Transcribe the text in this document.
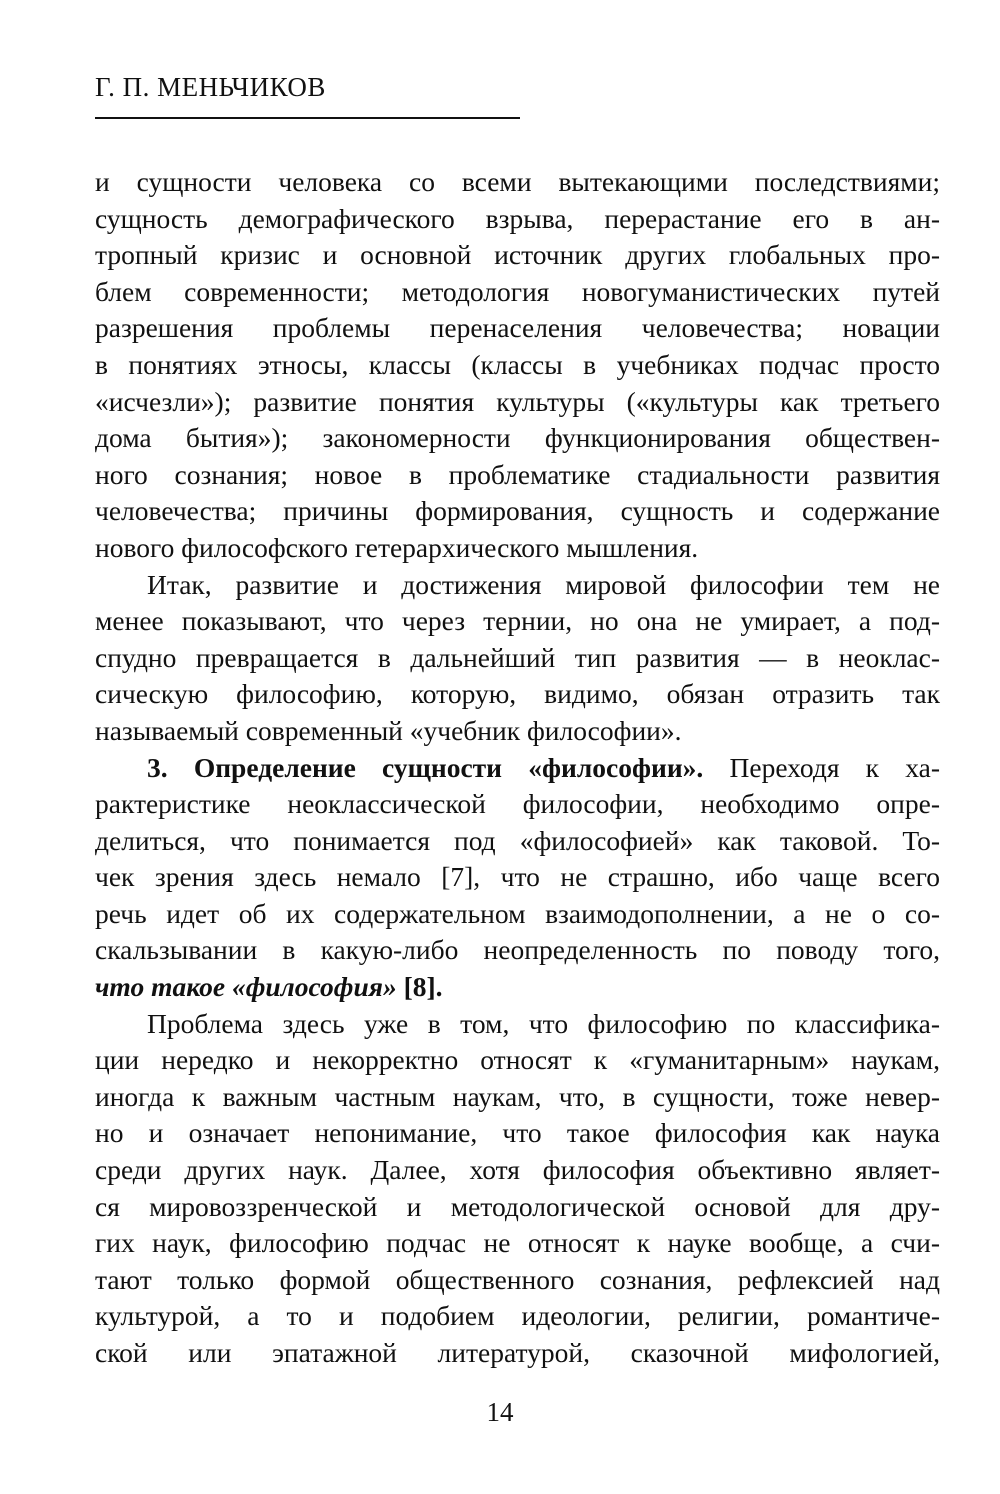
Г. П. МЕНЬЧИКОВ
и сущности человека со всеми вытекающими последствиями;
сущность демографического взрыва, перерастание его в ан-
тропный кризис и основной источник других глобальных про-
блем современности; методология новогуманистических путей
разрешения проблемы перенаселения человечества; новации
в понятиях этносы, классы (классы в учебниках подчас просто
«исчезли»); развитие понятия культуры («культуры как третьего
дома бытия»); закономерности функционирования обществен-
ного сознания; новое в проблематике стадиальности развития
человечества; причины формирования, сущность и содержание
нового философского гетерархического мышления.
Итак, развитие и достижения мировой философии тем не
менее показывают, что через тернии, но она не умирает, а под-
спудно превращается в дальнейший тип развития — в неоклас-
сическую философию, которую, видимо, обязан отразить так
называемый современный «учебник философии».
3. Определение сущности «философии». Переходя к ха-
рактеристике неоклассической философии, необходимо опре-
делиться, что понимается под «философией» как таковой. То-
чек зрения здесь немало [7], что не страшно, ибо чаще всего
речь идет об их содержательном взаимодополнении, а не о со-
скальзывании в какую-либо неопределенность по поводу того,
что такое «философия» [8].
Проблема здесь уже в том, что философию по классифика-
ции нередко и некорректно относят к «гуманитарным» наукам,
иногда к важным частным наукам, что, в сущности, тоже невер-
но и означает непонимание, что такое философия как наука
среди других наук. Далее, хотя философия объективно являет-
ся мировоззренческой и методологической основой для дру-
гих наук, философию подчас не относят к науке вообще, а счи-
тают только формой общественного сознания, рефлексией над
культурой, а то и подобием идеологии, религии, романтиче-
ской или эпатажной литературой, сказочной мифологией,
14
